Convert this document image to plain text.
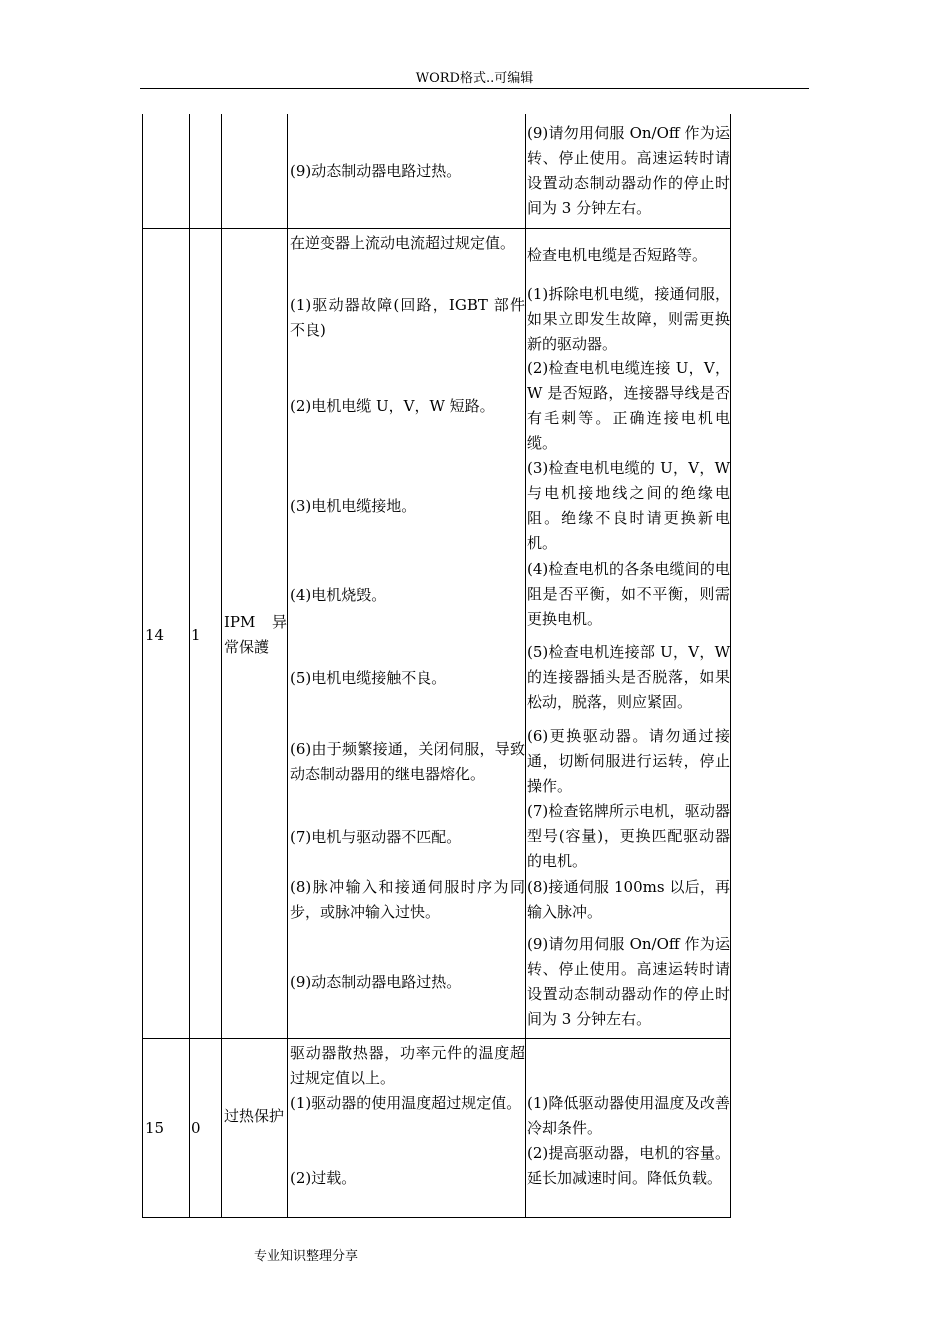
WORD格式..可编辑
(9)动态制动器电路过热。
(9)请勿用伺服 On/Off 作为运转、停止使用。高速运转时请设置动态制动器动作的停止时间为 3 分钟左右。
14	1
IPM 异常保護
在逆变器上流动电流超过规定值。
检查电机电缆是否短路等。
(1)驱动器故障(回路，IGBT 部件不良)
(1)拆除电机电缆，接通伺服，如果立即发生故障，则需更换新的驱动器。
(2)电机电缆 U，V，W 短路。
(2)检查电机电缆连接 U，V，W 是否短路，连接器导线是否有毛刺等。正确连接电机电缆。
(3)电机电缆接地。
(3)检查电机电缆的 U，V，W 与电机接地线之间的绝缘电阻。绝缘不良时请更换新电机。
(4)电机烧毁。
(4)检查电机的各条电缆间的电阻是否平衡，如不平衡，则需更换电机。
(5)电机电缆接触不良。
(5)检查电机连接部 U，V，W 的连接器插头是否脱落，如果松动，脱落，则应紧固。
(6)由于频繁接通，关闭伺服，导致动态制动器用的继电器熔化。
(6)更换驱动器。请勿通过接通，切断伺服进行运转，停止操作。
(7)电机与驱动器不匹配。
(7)检查铭牌所示电机，驱动器型号(容量)，更换匹配驱动器的电机。
(8)脉冲输入和接通伺服时序为同步，或脉冲输入过快。
(8)接通伺服 100ms 以后，再输入脉冲。
(9)动态制动器电路过热。
(9)请勿用伺服 On/Off 作为运转、停止使用。高速运转时请设置动态制动器动作的停止时间为 3 分钟左右。
15	0
过热保护
驱动器散热器，功率元件的温度超过规定值以上。
(1)驱动器的使用温度超过规定值。 (1)降低驱动器使用温度及改善冷却条件。
(2)过载。
(2)提高驱动器，电机的容量。延长加减速时间。降低负载。
专业知识整理分享
